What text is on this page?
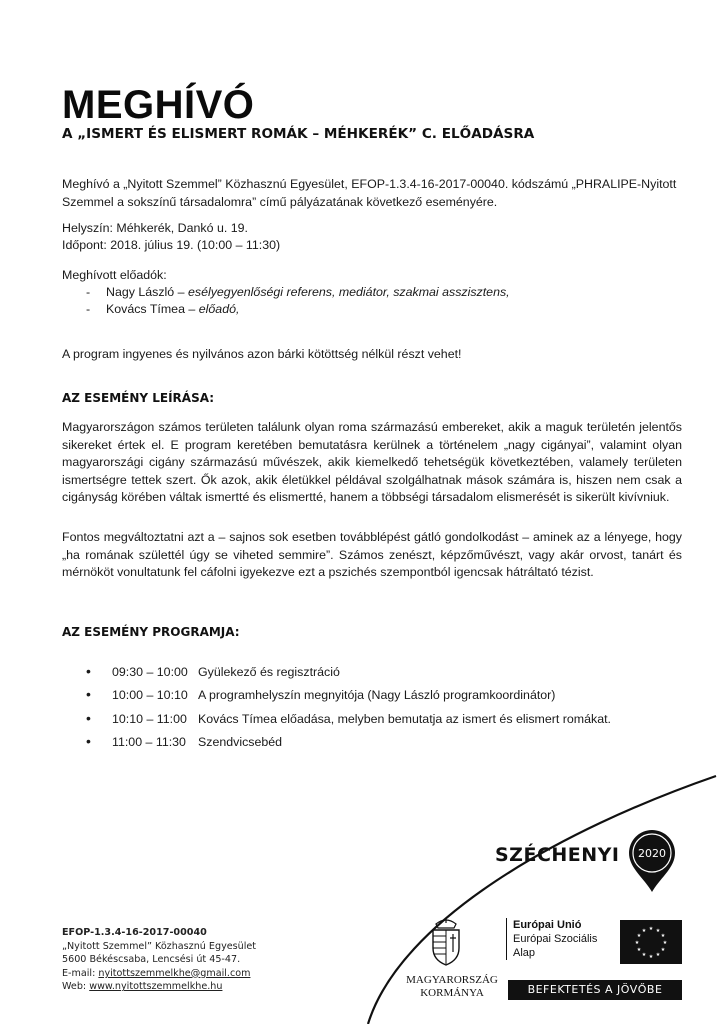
MEGHÍVÓ
A „ISMERT ÉS ELISMERT ROMÁK – MÉHKERÉK” C. ELŐADÁSRA

Meghívó a „Nyitott Szemmel” Közhasznú Egyesület, EFOP-1.3.4-16-2017-00040. kódszámú „PHRALIPE-Nyitott Szemmel a sokszínű társadalomra” című pályázatának következő eseményére.

Helyszín: Méhkerék, Dankó u. 19.

Időpont: 2018. július 19. (10:00 – 11:30)

Meghívott előadók:

- Nagy László – esélyegyenlőségi referens, mediátor, szakmai asszisztens,
- Kovács Tímea – előadó,

A program ingyenes és nyilvános azon bárki kötöttség nélkül részt vehet!

AZ ESEMÉNY LEÍRÁSA:

Magyarországon számos területen találunk olyan roma származású embereket, akik a maguk területén jelentős sikereket értek el. E program keretében bemutatásra kerülnek a történelem „nagy cigányai”, valamint olyan magyarországi cigány származású művészek, akik kiemelkedő tehetségük következtében, valamely területen ismertségre tettek szert. Ők azok, akik életükkel példával szolgálhatnak mások számára is, hiszen nem csak a cigányság körében váltak ismertté és elismertté, hanem a többségi társadalom elismerését is sikerült kivívniuk.

Fontos megváltoztatni azt a – sajnos sok esetben továbblépést gátló gondolkodást – aminek az a lényege, hogy „ha romának születtél úgy se viheted semmire”. Számos zenészt, képzőművészt, vagy akár orvost, tanárt és mérnököt vonultatunk fel cáfolni igyekezve ezt a pszichés szempontból igencsak hátráltató tézist.

AZ ESEMÉNY PROGRAMJA:
• 09:30 – 10:00 Gyülekező és regisztráció
• 10:00 – 10:10 A programhelyszín megnyitója (Nagy László programkoordinátor)
• 10:10 – 11:00 Kovács Tímea előadása, melyben bemutatja az ismert és elismert romákat.
• 11:00 – 11:30 Szendvicsebéd
EFOP-1.3.4-16-2017-00040
„Nyitott Szemmel” Közhasznú Egyesület
5600 Békéscsaba, Lencsési út 45-47.
E-mail: nyitottszemmelkhe@gmail.com
Web: www.nyitottszemmelkhe.hu
SZÉCHENYI 2020
MAGYARORSZÁG
KORMÁNYA
Európai Unió
Európai Szociális
Alap
★ ★
★
★
★
★
★
★
★
★
★
★
BEFEKTETÉS A JÖVŐBE
